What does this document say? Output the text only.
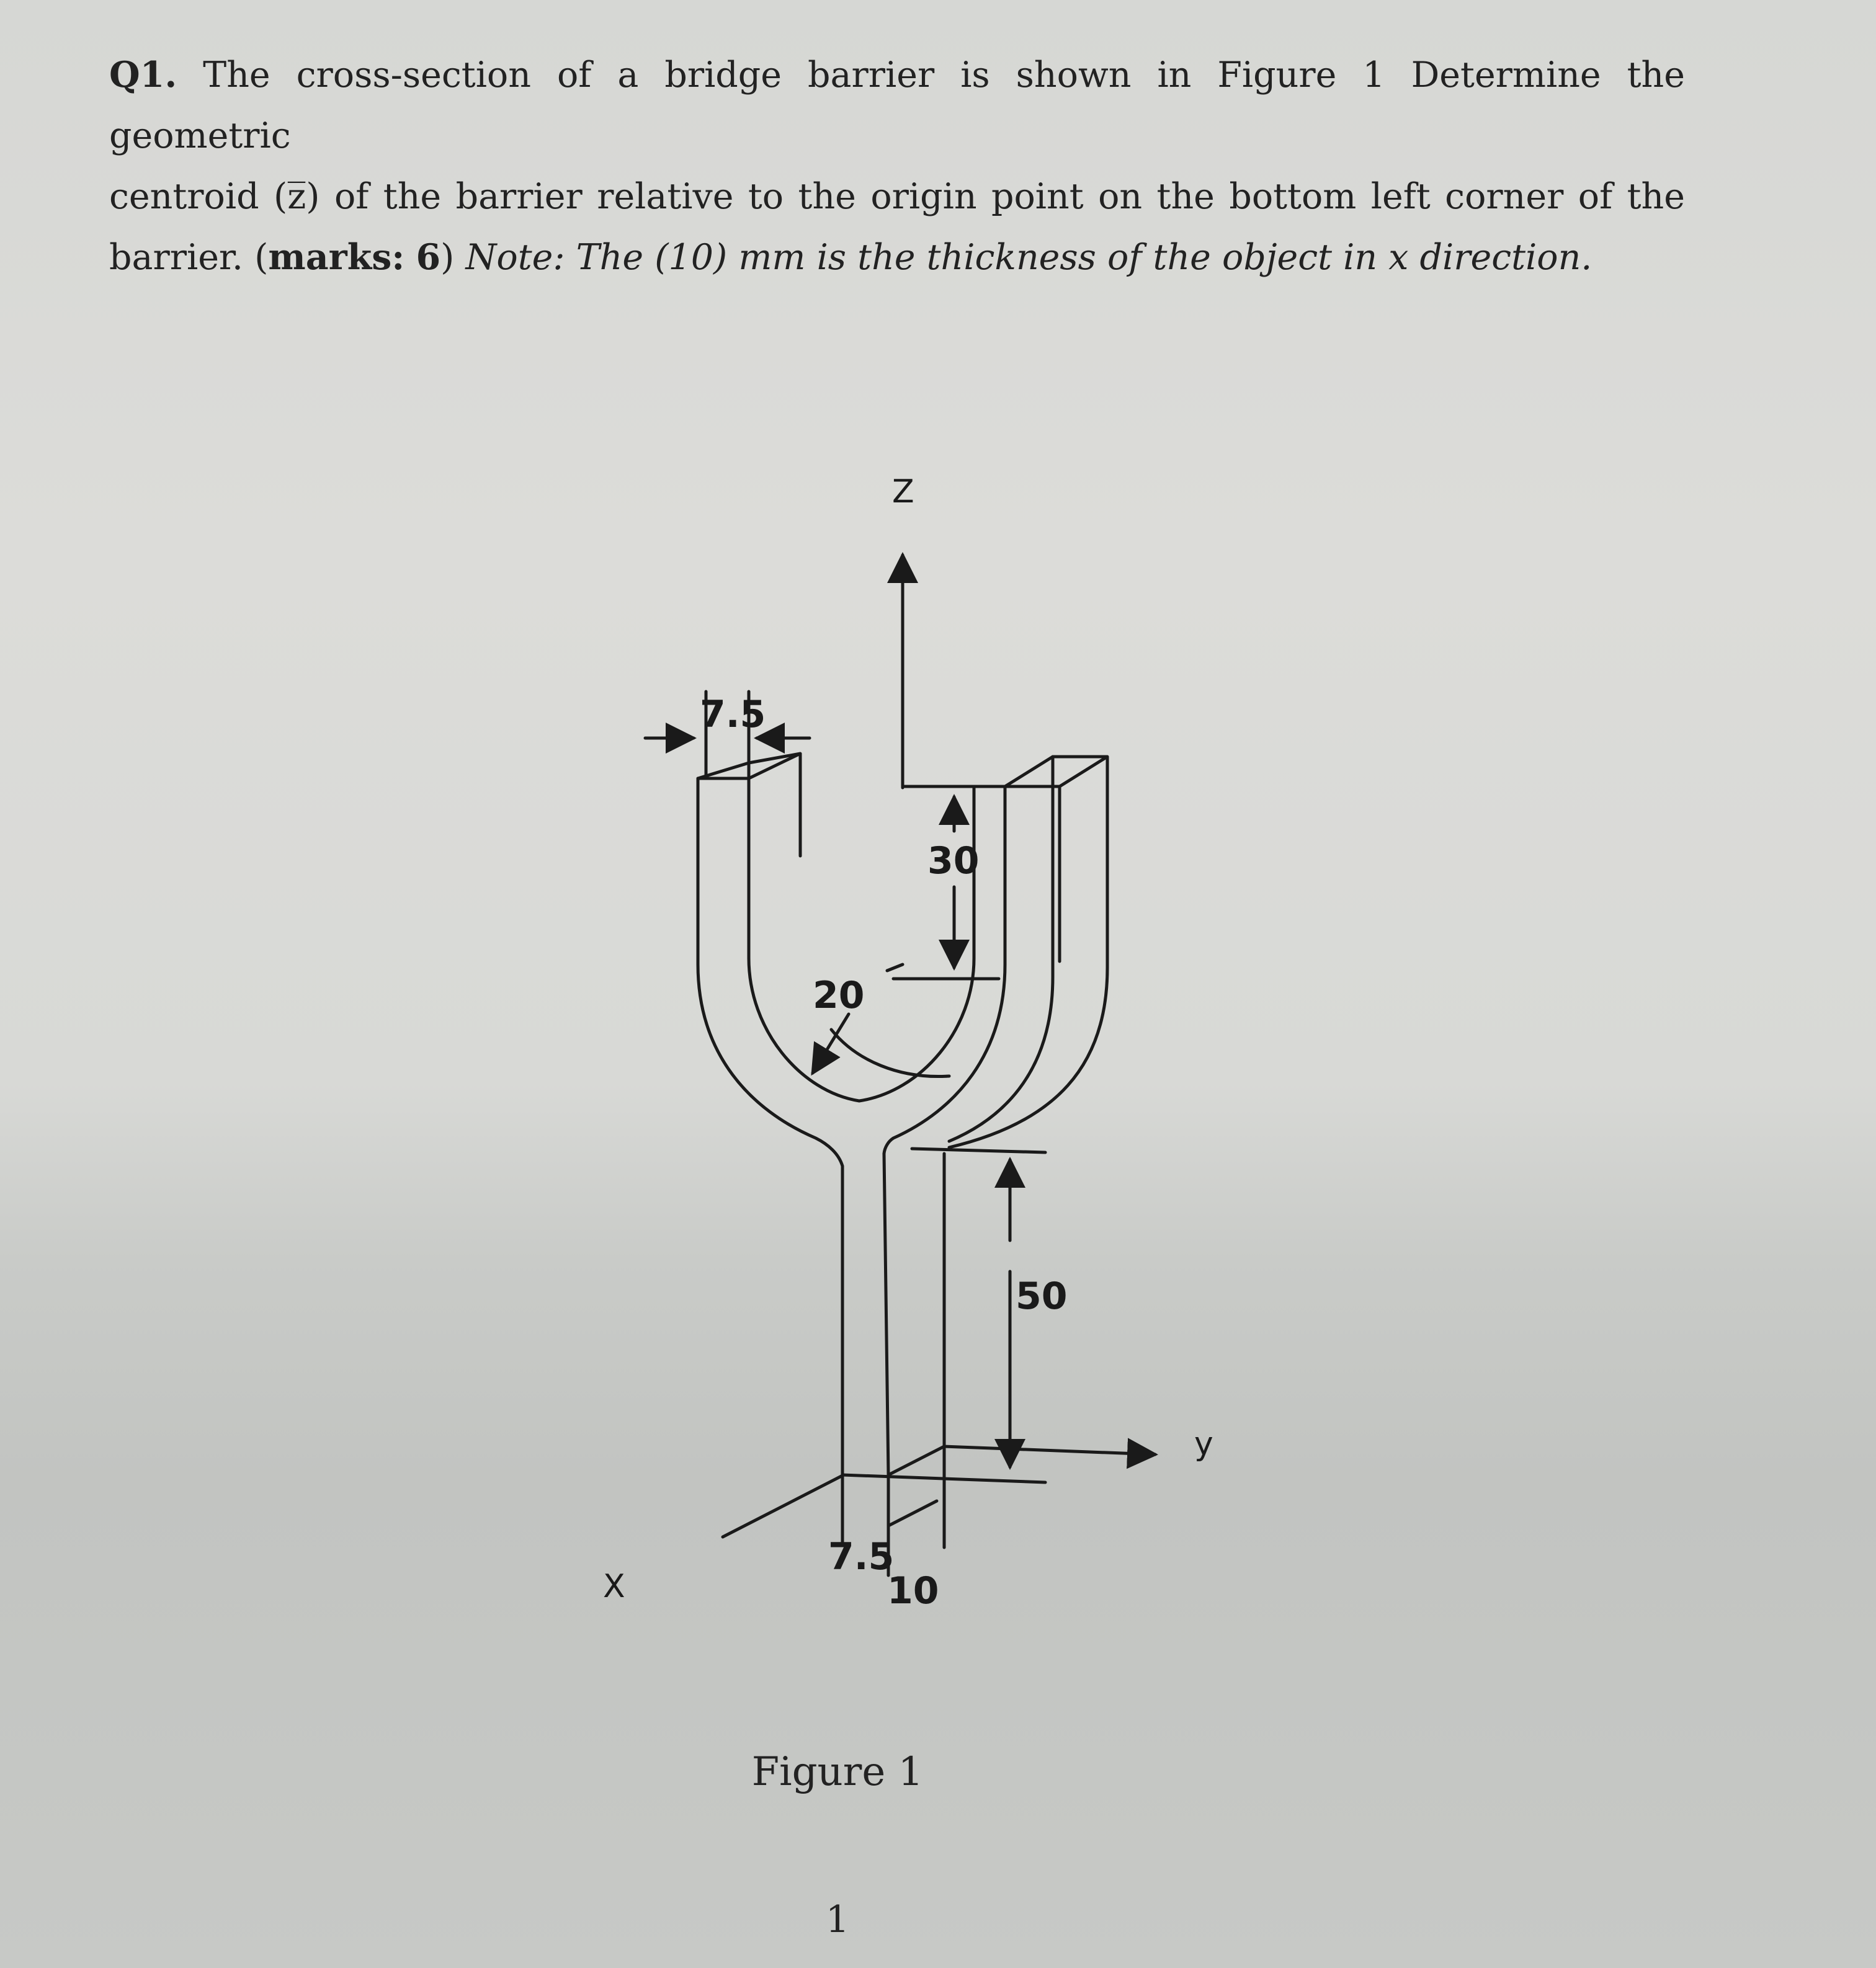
Q1. The cross-section of a bridge barrier is shown in Figure 1 Determine the geometric

centroid (z̅) of the barrier relative to the origin point on the bottom left corner of the

barrier. (marks: 6) Note: The (10) mm is the thickness of the object in x direction.

7.5
30
20
50
7.5
10
Z
y
X
Figure 1
1
